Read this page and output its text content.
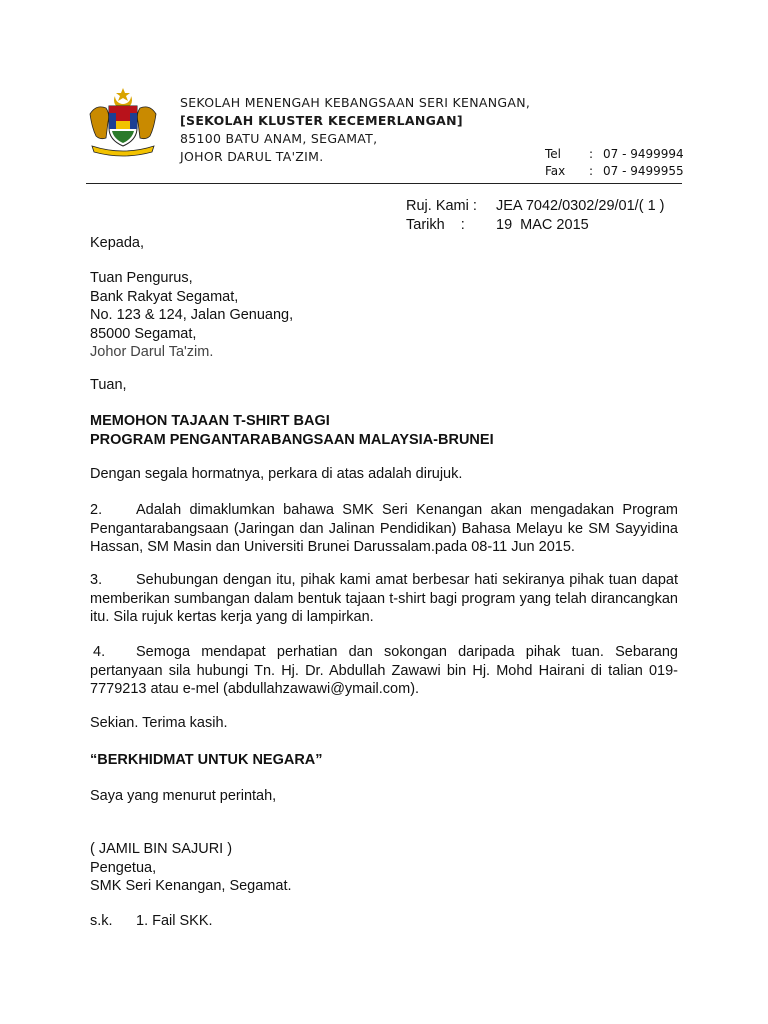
SEKOLAH MENENGAH KEBANGSAAN SERI KENANGAN,
[SEKOLAH KLUSTER KECEMERLANGAN]
85100 BATU ANAM, SEGAMAT,
JOHOR DARUL TA'ZIM.	Tel	: 07 - 9499994
Fax	: 07 - 9499955
Ruj. Kami :	JEA 7042/0302/29/01/( 1 )
Tarikh    :	19  MAC 2015
Kepada,
Tuan Pengurus,
Bank Rakyat Segamat,
No. 123 & 124, Jalan Genuang,
85000 Segamat,
Johor Darul Ta'zim.
Tuan,
MEMOHON TAJAAN T-SHIRT BAGI
PROGRAM PENGANTARABANGSAAN MALAYSIA-BRUNEI
Dengan segala hormatnya, perkara di atas adalah dirujuk.
2. Adalah dimaklumkan bahawa SMK Seri Kenangan akan mengadakan Program Pengantarabangsaan (Jaringan dan Jalinan Pendidikan) Bahasa Melayu ke SM Sayyidina Hassan, SM Masin dan Universiti Brunei Darussalam.pada 08-11 Jun 2015.
3. Sehubungan dengan itu, pihak kami amat berbesar hati sekiranya pihak tuan dapat memberikan sumbangan dalam bentuk tajaan t-shirt bagi program yang telah dirancangkan itu. Sila rujuk kertas kerja yang di lampirkan.
4. Semoga mendapat perhatian dan sokongan daripada pihak tuan. Sebarang pertanyaan sila hubungi Tn. Hj. Dr. Abdullah Zawawi bin Hj. Mohd Hairani di talian 019-7779213 atau e-mel (abdullahzawawi@ymail.com).
Sekian. Terima kasih.
“BERKHIDMAT UNTUK NEGARA”
Saya yang menurut perintah,
( JAMIL BIN SAJURI )
Pengetua,
SMK Seri Kenangan, Segamat.
s.k. 1. Fail SKK.
